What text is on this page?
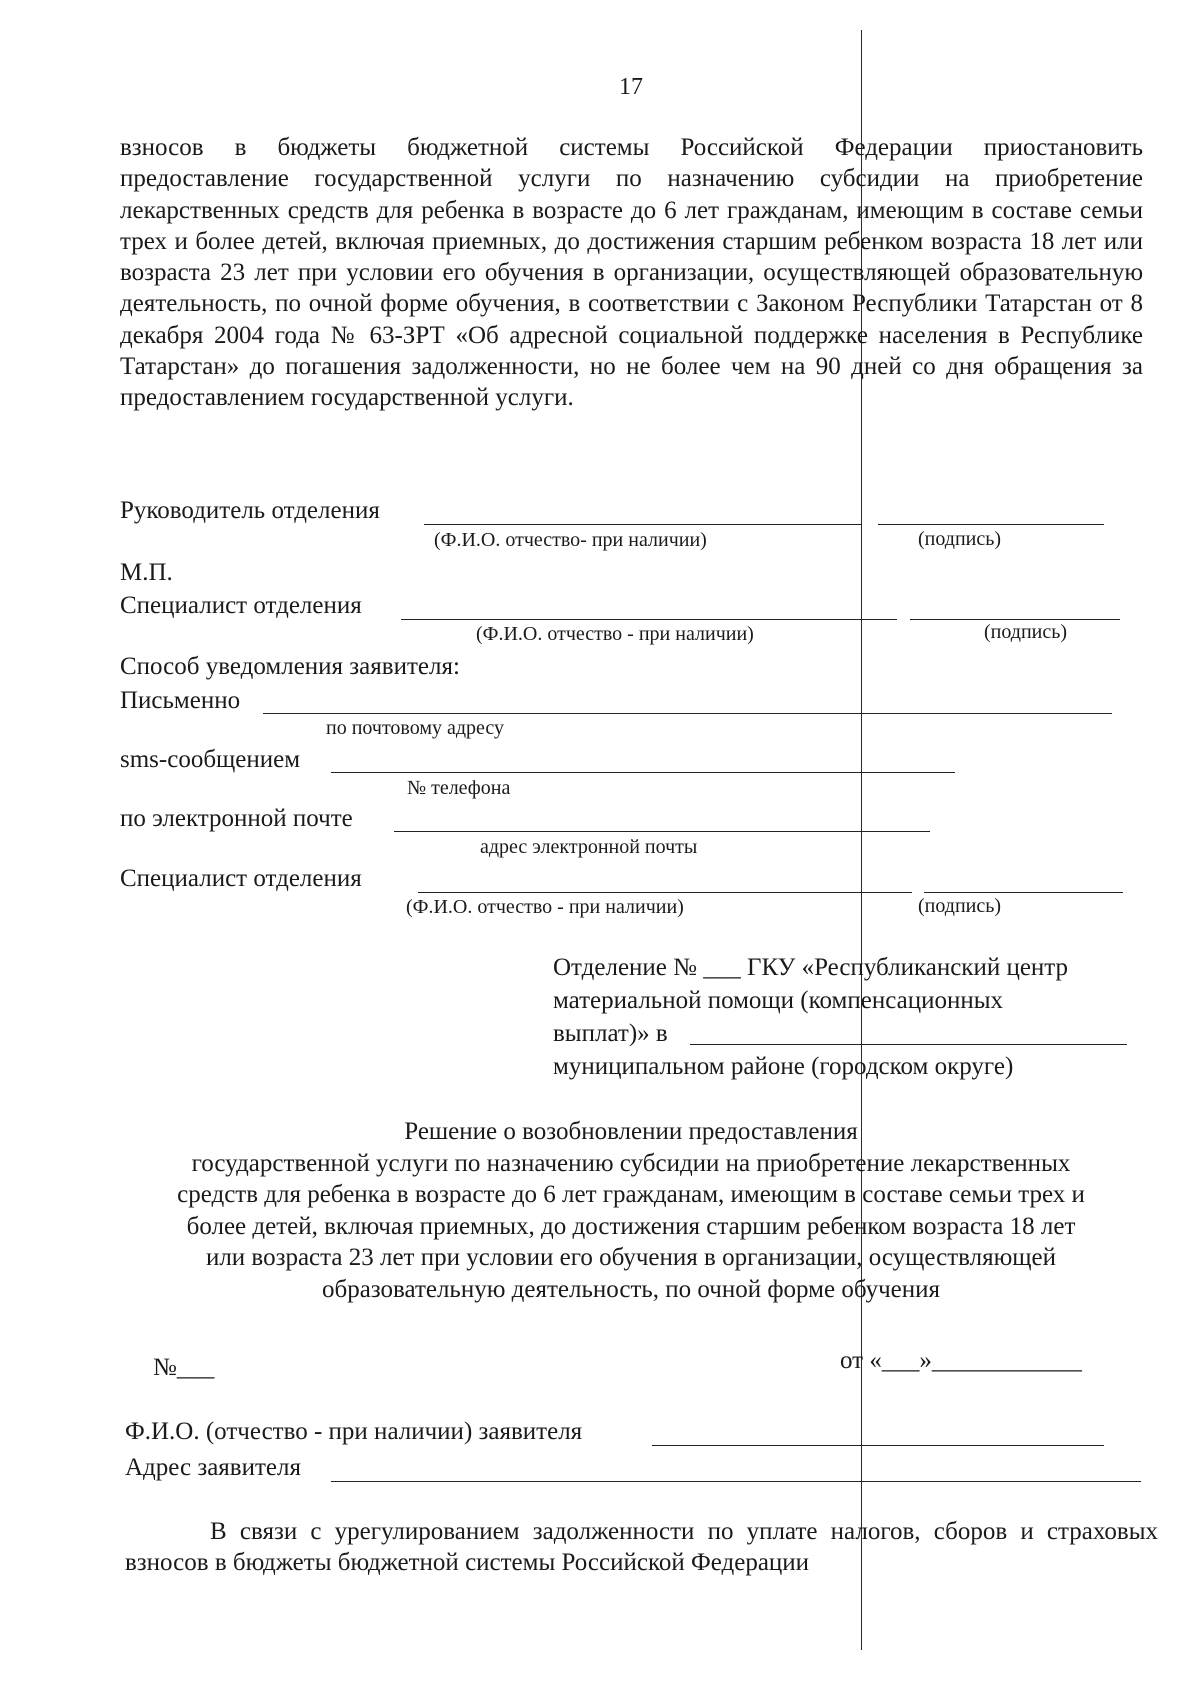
17

взносов в бюджеты бюджетной системы Российской Федерации приостановить предоставление государственной услуги по назначению субсидии на приобретение лекарственных средств для ребенка в возрасте до 6 лет гражданам, имеющим в составе семьи трех и более детей, включая приемных, до достижения старшим ребенком возраста 18 лет или возраста 23 лет при условии его обучения в организации, осуществляющей образовательную деятельность, по очной форме обучения, в соответствии с Законом Республики Татарстан от 8 декабря 2004 года № 63-ЗРТ «Об адресной социальной поддержке населения в Республике Татарстан» до погашения задолженности, но не более чем на 90 дней со дня обращения за предоставлением государственной услуги.

Руководитель отделения
(Ф.И.О. отчество- при наличии)	(подпись)
М.П.
Специалист отделения
(Ф.И.О. отчество - при наличии)	(подпись)
Способ уведомления заявителя:
Письменно
по почтовому адресу
sms-сообщением
№ телефона
по электронной почте
адрес электронной почты
Специалист отделения
(Ф.И.О. отчество - при наличии)	(подпись)
Отделение № ___ ГКУ «Республиканский центр
материальной помощи (компенсационных
выплат)» в
муниципальном районе (городском округе)
Решение о возобновлении предоставления
государственной услуги по назначению субсидии на приобретение лекарственных
средств для ребенка в возрасте до 6 лет гражданам, имеющим в составе семьи трех и
более детей, включая приемных, до достижения старшим ребенком возраста 18 лет
или возраста 23 лет при условии его обучения в организации, осуществляющей
образовательную деятельность, по очной форме обучения
№___	от «___»____________
Ф.И.О. (отчество - при наличии) заявителя
Адрес заявителя

В связи с урегулированием задолженности по уплате налогов, сборов и страховых взносов в бюджеты бюджетной системы Российской Федерации
